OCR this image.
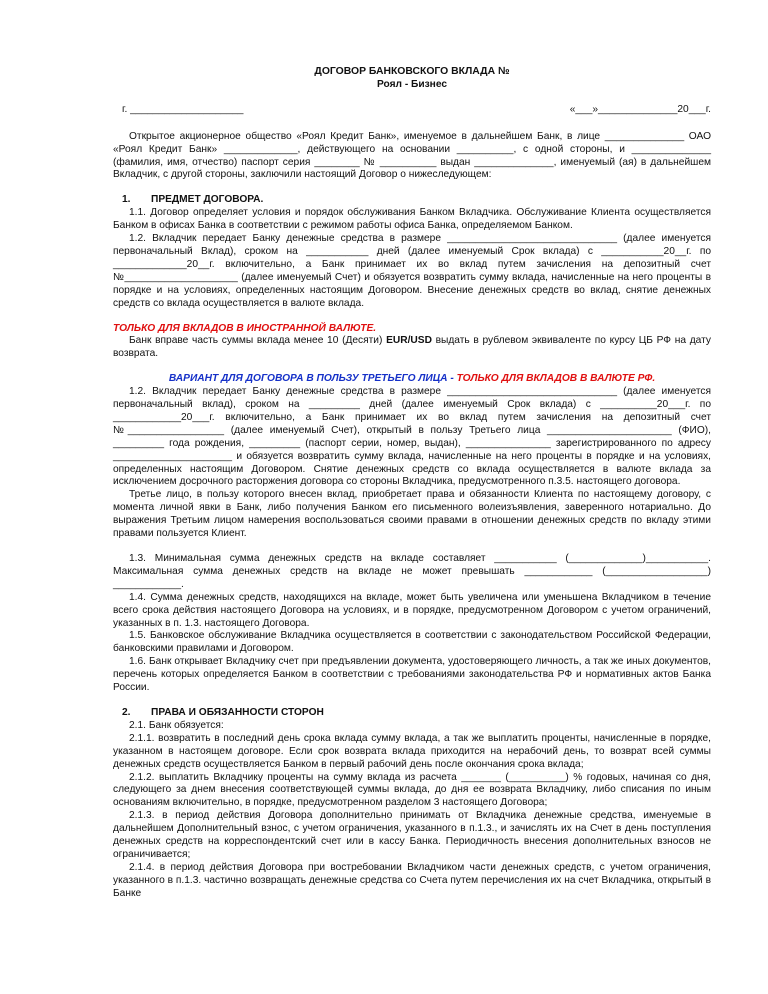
ДОГОВОР БАНКОВСКОГО ВКЛАДА №
Роял - Бизнес
г. ____________________	«___»______________20___г.

Открытое акционерное общество «Роял Кредит Банк», именуемое в дальнейшем Банк, в лице ______________ ОАО «Роял Кредит Банк» _____________, действующего на основании __________, с одной стороны, и ______________ (фамилия, имя, отчество) паспорт серия ________ № __________ выдан ______________, именуемый (ая) в дальнейшем Вкладчик, с другой стороны, заключили настоящий Договор о нижеследующем:

1. ПРЕДМЕТ ДОГОВОРА.

1.1. Договор определяет условия и порядок обслуживания Банком Вкладчика. Обслуживание Клиента осуществляется Банком в офисах Банка в соответствии с режимом работы офиса Банка, определяемом Банком.

1.2. Вкладчик передает Банку денежные средства в размере ______________________________ (далее именуется первоначальный Вклад), сроком на ___________ дней (далее именуемый Срок вклада) с ___________20__г. по _____________20__г. включительно, а Банк принимает их во вклад путем зачисления на депозитный счет №____________________ (далее именуемый Счет) и обязуется возвратить сумму вклада, начисленные на него проценты в порядке и на условиях, определенных настоящим Договором. Внесение денежных средств во вклад, снятие денежных средств со вклада осуществляется в валюте вклада.

ТОЛЬКО ДЛЯ ВКЛАДОВ В ИНОСТРАННОЙ ВАЛЮТЕ.

Банк вправе часть суммы вклада менее 10 (Десяти) EUR/USD выдать в рублевом эквиваленте по курсу ЦБ РФ на дату возврата.

ВАРИАНТ ДЛЯ ДОГОВОРА В ПОЛЬЗУ ТРЕТЬЕГО ЛИЦА - ТОЛЬКО ДЛЯ ВКЛАДОВ В ВАЛЮТЕ РФ.

1.2. Вкладчик передает Банку денежные средства в размере ______________________________ (далее именуется первоначальный вклад), сроком на _________ дней (далее именуемый Срок вклада) с __________20___г. по ____________20___г. включительно, а Банк принимает их во вклад путем зачисления на депозитный счет №_________________ (далее именуемый Счет), открытый в пользу Третьего лица ______________________ (ФИО), _________ года рождения, _________ (паспорт серии, номер, выдан), _______________ зарегистрированного по адресу _____________________ и обязуется возвратить сумму вклада, начисленные на него проценты в порядке и на условиях, определенных настоящим Договором. Снятие денежных средств со вклада осуществляется в валюте вклада за исключением досрочного расторжения договора со стороны Вкладчика, предусмотренного п.3.5. настоящего договора.

Третье лицо, в пользу которого внесен вклад, приобретает права и обязанности Клиента по настоящему договору, с момента личной явки в Банк, либо получения Банком его письменного волеизъявления, заверенного нотариально. До выражения Третьим лицом намерения воспользоваться своими правами в отношении денежных средств по вкладу этими правами пользуется Клиент.

1.3. Минимальная сумма денежных средств на вкладе составляет ___________ (_____________)___________. Максимальная сумма денежных средств на вкладе не может превышать ____________ (__________________) ____________.

1.4. Сумма денежных средств, находящихся на вкладе, может быть увеличена или уменьшена Вкладчиком в течение всего срока действия настоящего Договора на условиях, и в порядке, предусмотренном Договором с учетом ограничений, указанных в п. 1.3. настоящего Договора.

1.5. Банковское обслуживание Вкладчика осуществляется в соответствии с законодательством Российской Федерации, банковскими правилами и Договором.

1.6. Банк открывает Вкладчику счет при предъявлении документа, удостоверяющего личность, а так же иных документов, перечень которых определяется Банком в соответствии с требованиями законодательства РФ и нормативных актов Банка России.

2. ПРАВА И ОБЯЗАННОСТИ СТОРОН

2.1. Банк обязуется:

2.1.1. возвратить в последний день срока вклада сумму вклада, а так же выплатить проценты, начисленные в порядке, указанном в настоящем договоре. Если срок возврата вклада приходится на нерабочий день, то возврат всей суммы денежных средств осуществляется Банком в первый рабочий день после окончания срока вклада;

2.1.2. выплатить Вкладчику проценты на сумму вклада из расчета _______ (__________) % годовых, начиная со дня, следующего за днем внесения соответствующей суммы вклада, до дня ее возврата Вкладчику, либо списания по иным основаниям включительно, в порядке, предусмотренном разделом 3 настоящего Договора;

2.1.3. в период действия Договора дополнительно принимать от Вкладчика денежные средства, именуемые в дальнейшем Дополнительный взнос, с учетом ограничения, указанного в п.1.3., и зачислять их на Счет в день поступления денежных средств на корреспондентский счет или в кассу Банка. Периодичность внесения дополнительных взносов не ограничивается;

2.1.4. в период действия Договора при востребовании Вкладчиком части денежных средств, с учетом ограничения, указанного в п.1.3. частично возвращать денежные средства со Счета путем перечисления их на счет Вкладчика, открытый в Банке
